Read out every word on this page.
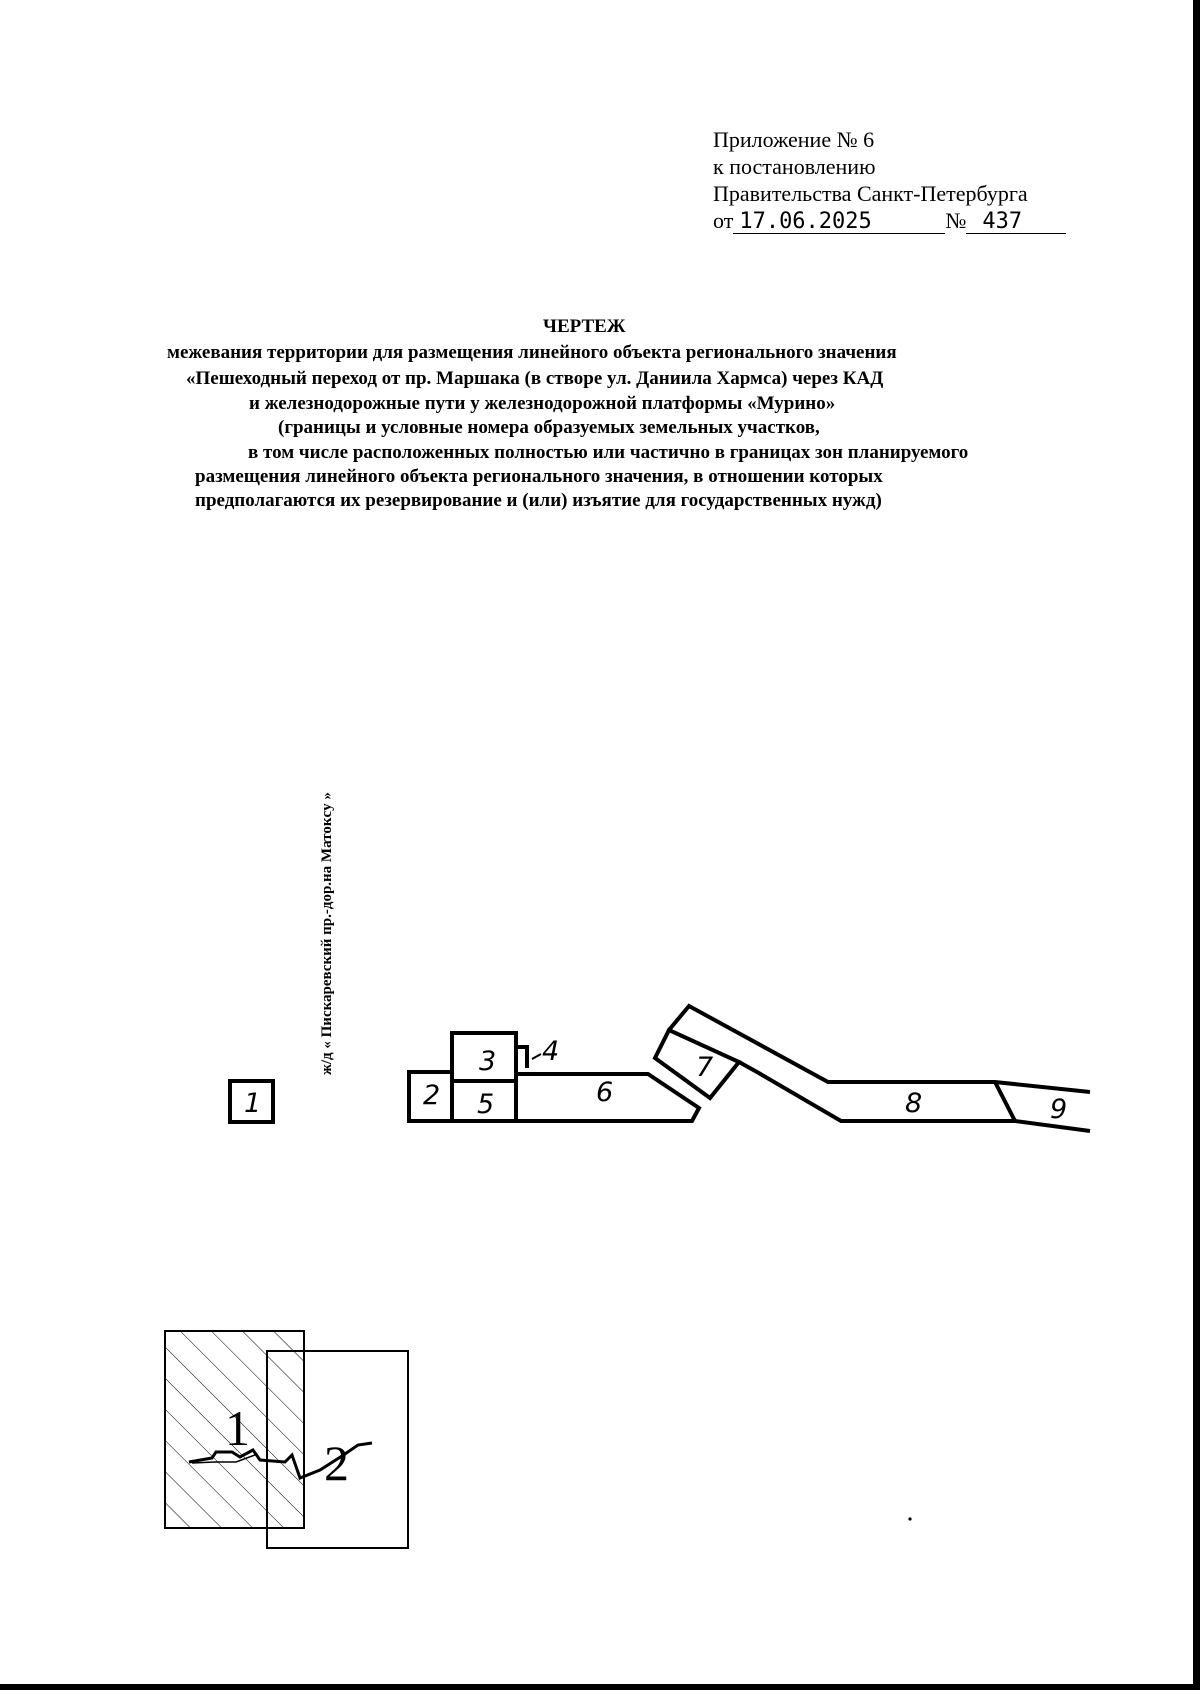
Приложение № 6
к постановлению
Правительства Санкт-Петербурга
от 17.06.2025	№ 437
ЧЕРТЕЖ
межевания территории для размещения линейного объекта регионального значения
«Пешеходный переход от пр. Маршака (в створе ул. Даниила Хармса) через КАД
и железнодорожные пути у железнодорожной платформы «Мурино»
(границы и условные номера образуемых земельных участков,
в том числе расположенных полностью или частично в границах зон планируемого
размещения линейного объекта регионального значения, в отношении которых
предполагаются их резервирование и (или) изъятие для государственных нужд)
1	2
3 4
5	6
7
8	9
ж/д « Пискаревский пр.-дор.на Матокcу »
1
2
